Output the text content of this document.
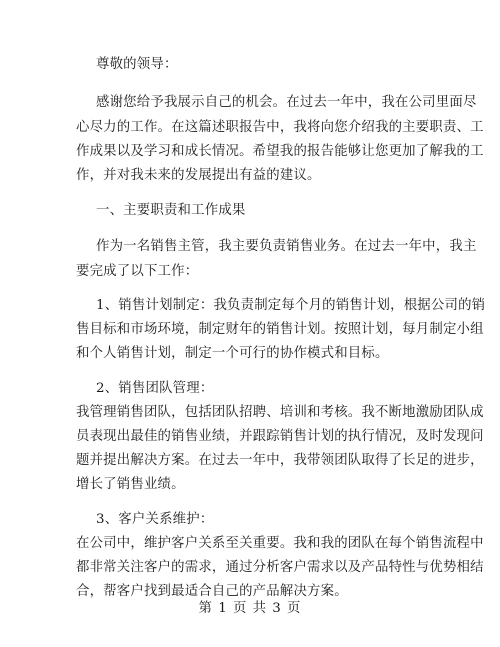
尊敬的领导：
感谢您给予我展示自己的机会。在过去一年中，我在公司里面尽
心尽力的工作。在这篇述职报告中，我将向您介绍我的主要职责、工
作成果以及学习和成长情况。希望我的报告能够让您更加了解我的工
作，并对我未来的发展提出有益的建议。
一、主要职责和工作成果
作为一名销售主管，我主要负责销售业务。在过去一年中，我主
要完成了以下工作：
1、销售计划制定：我负责制定每个月的销售计划，根据公司的销
售目标和市场环境，制定财年的销售计划。按照计划，每月制定小组
和个人销售计划，制定一个可行的协作模式和目标。
2、销售团队管理：
我管理销售团队，包括团队招聘、培训和考核。我不断地激励团队成
员表现出最佳的销售业绩，并跟踪销售计划的执行情况，及时发现问
题并提出解决方案。在过去一年中，我带领团队取得了长足的进步，
增长了销售业绩。
3、客户关系维护：
在公司中，维护客户关系至关重要。我和我的团队在每个销售流程中
都非常关注客户的需求，通过分析客户需求以及产品特性与优势相结
合，帮客户找到最适合自己的产品解决方案。
第 1 页 共 3 页
